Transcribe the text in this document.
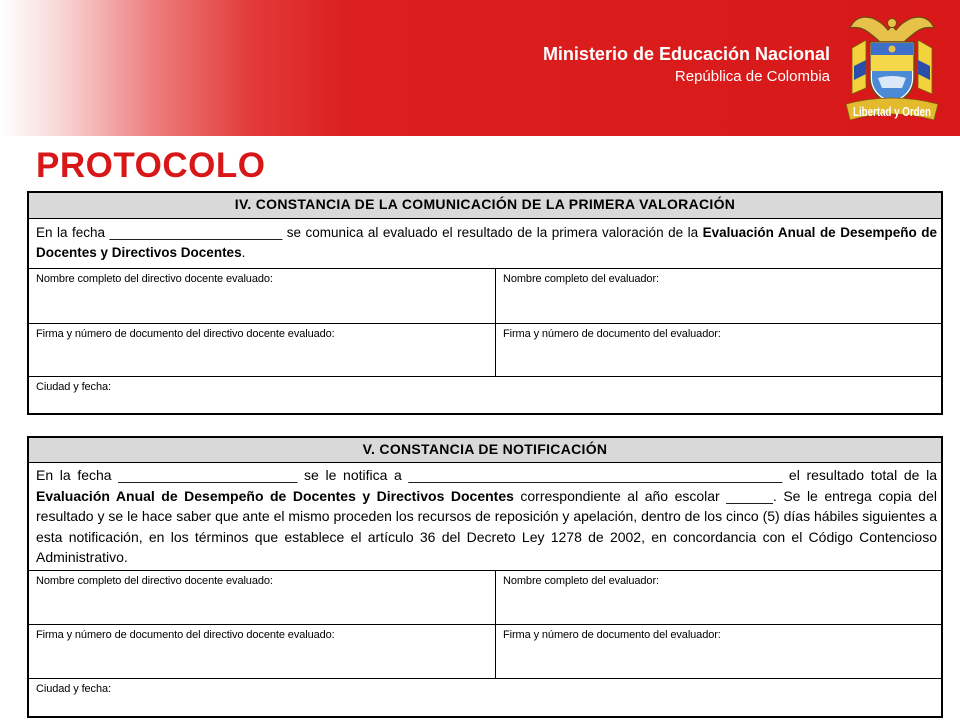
Ministerio de Educación Nacional
República de Colombia
Libertad y Orden
PROTOCOLO
IV. CONSTANCIA DE LA COMUNICACIÓN DE LA PRIMERA VALORACIÓN
En la fecha _______________________ se comunica al evaluado el resultado de la primera valoración de la Evaluación Anual de Desempeño de Docentes y Directivos Docentes.
Nombre completo del directivo docente evaluado:	Nombre completo del evaluador:
Firma y número de documento del directivo docente evaluado:	Firma y número de documento del evaluador:
Ciudad y fecha:
V. CONSTANCIA DE NOTIFICACIÓN
En la fecha _______________________ se le notifica a ________________________________________________ el resultado total de la Evaluación Anual de Desempeño de Docentes y Directivos Docentes correspondiente al año escolar ______. Se le entrega copia del resultado y se le hace saber que ante el mismo proceden los recursos de reposición y apelación, dentro de los cinco (5) días hábiles siguientes a esta notificación, en los términos que establece el artículo 36 del Decreto Ley 1278 de 2002, en concordancia con el Código Contencioso Administrativo.
Nombre completo del directivo docente evaluado:	Nombre completo del evaluador:
Firma y número de documento del directivo docente evaluado:	Firma y número de documento del evaluador:
Ciudad y fecha:
